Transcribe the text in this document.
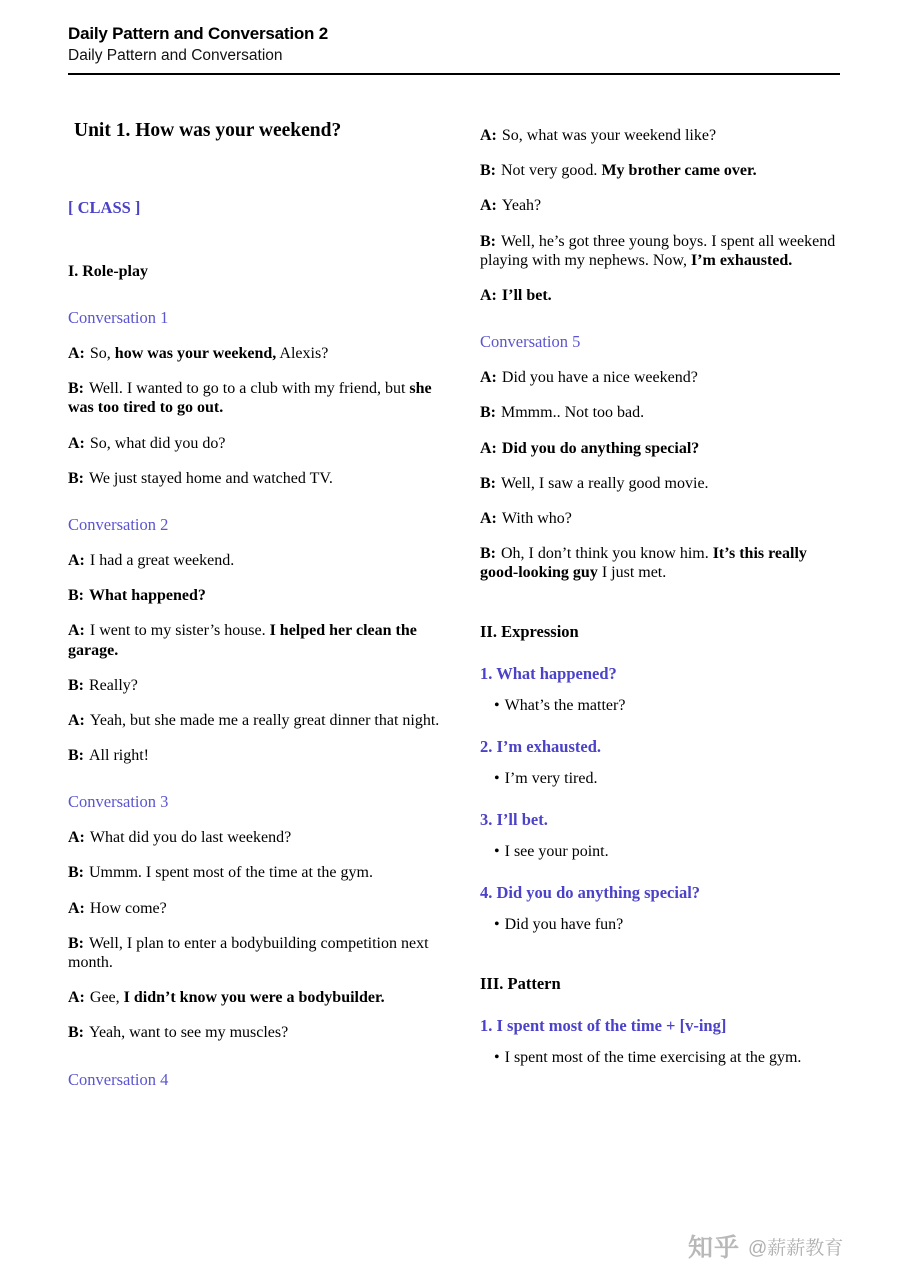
Daily Pattern and Conversation 2
Daily Pattern and Conversation
Unit 1. How was your weekend?
[ CLASS ]
I. Role-play
Conversation 1
A: So, how was your weekend, Alexis?
B: Well. I wanted to go to a club with my friend, but she was too tired to go out.
A: So, what did you do?
B: We just stayed home and watched TV.
Conversation 2
A: I had a great weekend.
B: What happened?
A: I went to my sister’s house. I helped her clean the garage.
B: Really?
A: Yeah, but she made me a really great dinner that night.
B: All right!
Conversation 3
A: What did you do last weekend?
B: Ummm. I spent most of the time at the gym.
A: How come?
B: Well, I plan to enter a bodybuilding competition next month.
A: Gee, I didn’t know you were a bodybuilder.
B: Yeah, want to see my muscles?
Conversation 4
A: So, what was your weekend like?
B: Not very good. My brother came over.
A: Yeah?
B: Well, he’s got three young boys. I spent all weekend playing with my nephews. Now, I’m exhausted.
A: I’ll bet.
Conversation 5
A: Did you have a nice weekend?
B: Mmmm.. Not too bad.
A: Did you do anything special?
B: Well, I saw a really good movie.
A: With who?
B: Oh, I don’t think you know him. It’s this really good-looking guy I just met.
II. Expression
1. What happened?
• What’s the matter?
2. I’m exhausted.
• I’m very tired.
3. I’ll bet.
• I see your point.
4. Did you do anything special?
• Did you have fun?
III. Pattern
1. I spent most of the time + [v-ing]
• I spent most of the time exercising at the gym.
知乎 @薪薪教育
